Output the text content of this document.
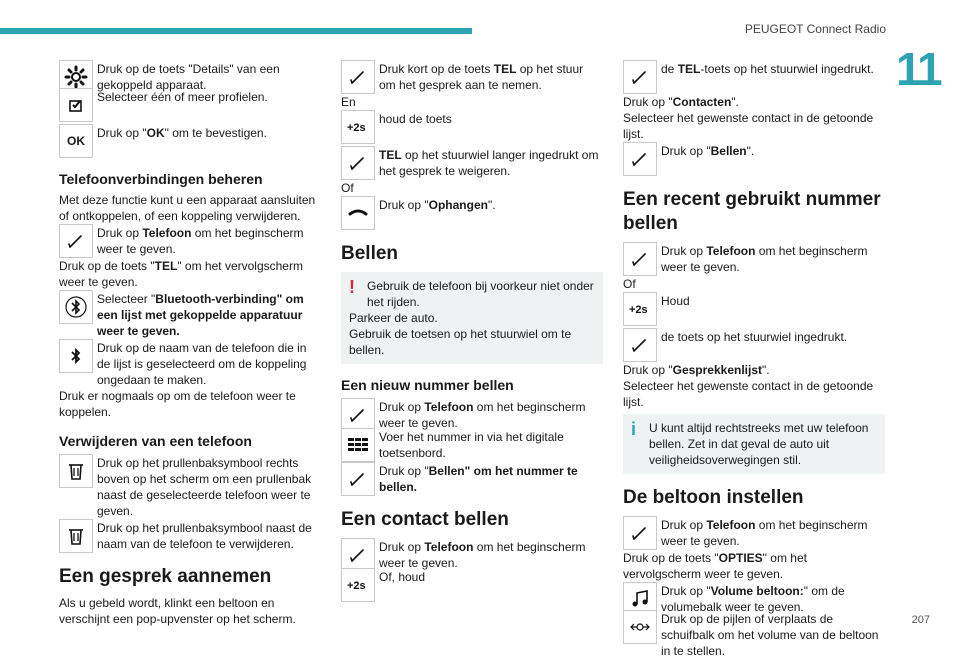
PEUGEOT Connect Radio
11

Druk op de toets "Details" van een gekoppeld apparaat.

Selecteer één of meer profielen.

OK

Druk op "OK" om te bevestigen.

Telefoonverbindingen beheren

Met deze functie kunt u een apparaat aansluiten of ontkoppelen, of een koppeling verwijderen.

Druk op Telefoon om het beginscherm weer te geven.

Druk op de toets "TEL" om het vervolgscherm weer te geven.

Selecteer "Bluetooth-verbinding" om een lijst met gekoppelde apparatuur weer te geven.

Druk op de naam van de telefoon die in de lijst is geselecteerd om de koppeling ongedaan te maken.

Druk er nogmaals op om de telefoon weer te koppelen.

Verwijderen van een telefoon

Druk op het prullenbaksymbool rechts boven op het scherm om een prullenbak naast de geselecteerde telefoon weer te geven.

Druk op het prullenbaksymbool naast de naam van de telefoon te verwijderen.

Een gesprek aannemen

Als u gebeld wordt, klinkt een beltoon en verschijnt een pop-upvenster op het scherm.

Druk kort op de toets TEL op het stuur om het gesprek aan te nemen.

En

+2s

houd de toets

TEL op het stuurwiel langer ingedrukt om het gesprek te weigeren.

Of

Druk op "Ophangen".

Bellen
!	Gebruik de telefoon bij voorkeur niet onder het rijden.

Parkeer de auto.

Gebruik de toetsen op het stuurwiel om te bellen.

Een nieuw nummer bellen

Druk op Telefoon om het beginscherm weer te geven.

Voer het nummer in via het digitale toetsenbord.

Druk op "Bellen" om het nummer te bellen.

Een contact bellen

Druk op Telefoon om het beginscherm weer te geven.

+2s

Of, houd

de TEL-toets op het stuurwiel ingedrukt.

Druk op "Contacten".

Selecteer het gewenste contact in de getoonde lijst.

Druk op "Bellen".

Een recent gebruikt nummer bellen

Druk op Telefoon om het beginscherm weer te geven.

Of

+2s

Houd

de toets op het stuurwiel ingedrukt.

Druk op "Gesprekkenlijst".

Selecteer het gewenste contact in de getoonde lijst.

i	U kunt altijd rechtstreeks met uw telefoon bellen. Zet in dat geval de auto uit veiligheidsoverwegingen stil.

De beltoon instellen

Druk op Telefoon om het beginscherm weer te geven.

Druk op de toets "OPTIES" om het vervolgscherm weer te geven.

Druk op "Volume beltoon:" om de volumebalk weer te geven.

Druk op de pijlen of verplaats de schuifbalk om het volume van de beltoon in te stellen.

207
